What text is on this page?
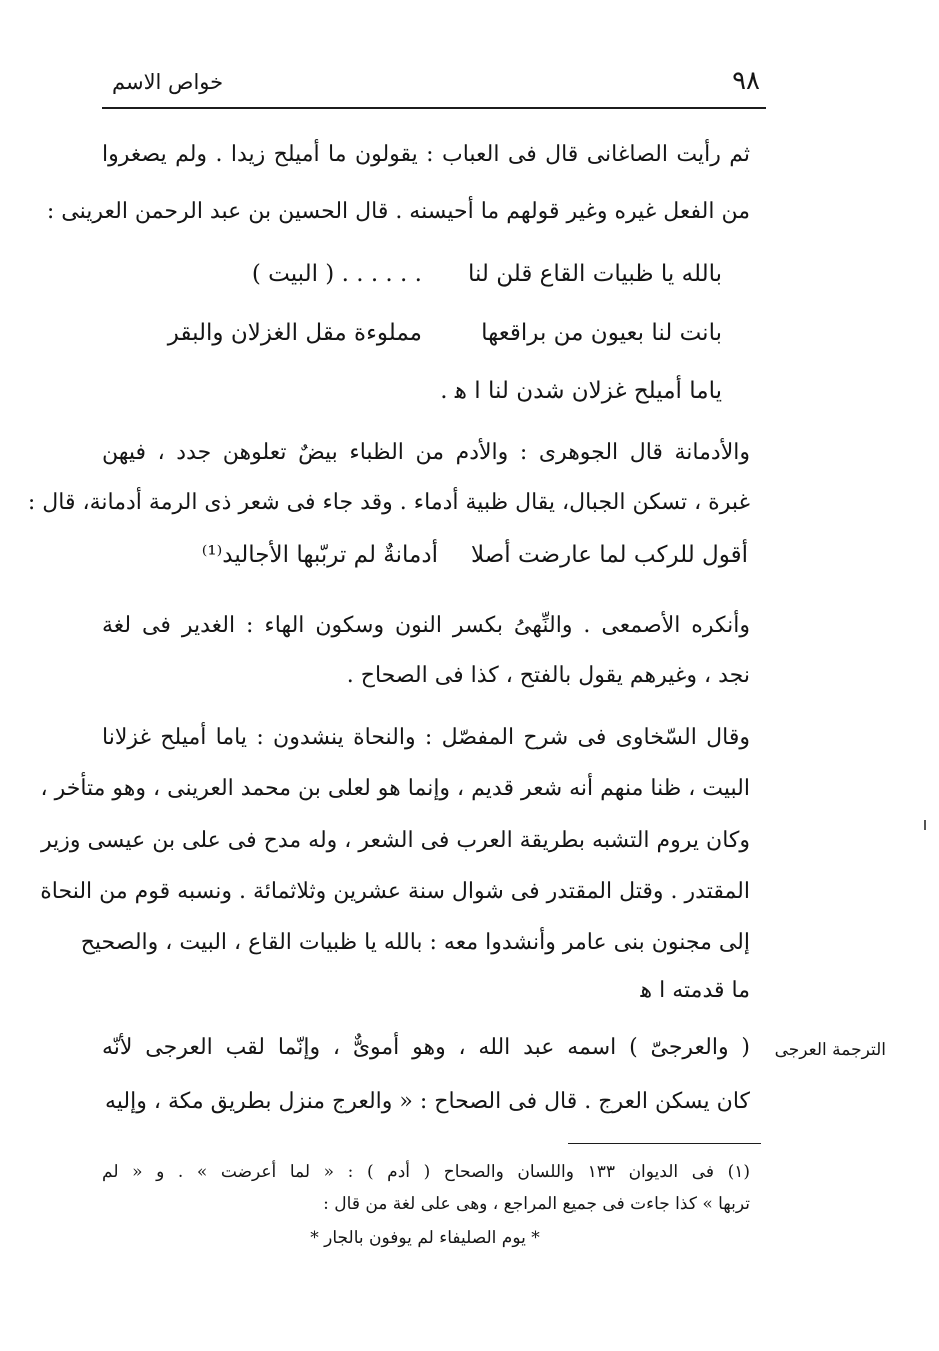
خواص الاسم	٩٨
ثم رأيت الصاغانى قال فى العباب : يقولون ما أميلح زيدا . ولم يصغروا
من الفعل غيره وغير قولهم ما أحيسنه . قال الحسين بن عبد الرحمن العرينى :
بالله يا ظبيات القاع قلن لنا. . . . . . ( البيت )
بانت لنا بعيون من براقعهامملوءة مقل الغزلان والبقر
ياما أميلح غزلان شدن لنا ا ﻫ .
والأدمانة قال الجوهرى : والأدم من الظباء بيضٌ تعلوهن جدد ، فيهن
غبرة ، تسكن الجبال، يقال ظبية أدماء . وقد جاء فى شعر ذى الرمة أدمانة، قال :
أقول للركب لما عارضت أصلاأدمانةٌ لم تربّبها الأجاليد⁽¹⁾
وأنكره الأصمعى . والنِّهىُ بكسر النون وسكون الهاء : الغدير فى لغة
نجد ، وغيرهم يقول بالفتح ، كذا فى الصحاح .
وقال السّخاوى فى شرح المفصّل : والنحاة ينشدون : ياما أميلح غزلانا
البيت ، ظنا منهم أنه شعر قديم ، وإنما هو لعلى بن محمد العرينى ، وهو متأخر ،
وكان يروم التشبه بطريقة العرب فى الشعر ، وله مدح فى على بن عيسى وزير
المقتدر . وقتل المقتدر فى شوال سنة عشرين وثلاثمائة . ونسبه قوم من النحاة
إلى مجنون بنى عامر وأنشدوا معه : بالله يا ظبيات القاع ، البيت ، والصحيح
ما قدمته ا ﻫ
( والعرجىّ ) اسمه عبد الله ، وهو أموىٌّ ، وإنّما لقب العرجى لأنّه
كان يسكن العرج . قال فى الصحاح : « والعرج منزل بطريق مكة ، وإليه
الترجمة العرجى
(١) فى الديوان ١٣٣ واللسان والصحاح ( أدم ) : « لما أعرضت » . و « لم
تربها » كذا جاءت فى جميع المراجع ، وهى على لغة من قال :
* يوم الصليفاء لم يوفون بالجار *
